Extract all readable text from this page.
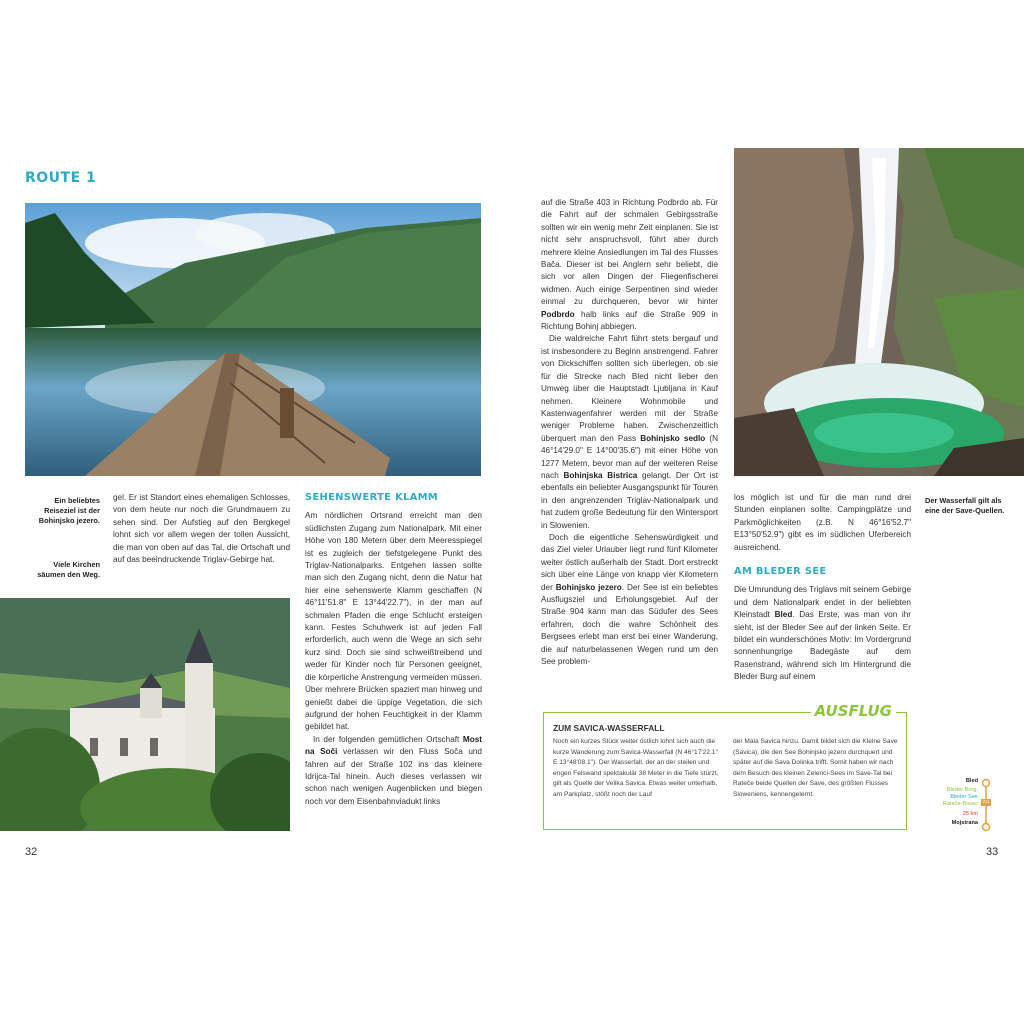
ROUTE 1
Ein beliebtes Reiseziel ist der Bohinjsko jezero.
Viele Kirchen säumen den Weg.

gel. Er ist Standort eines ehemaligen Schlosses, von dem heute nur noch die Grundmauern zu sehen sind. Der Aufstieg auf den Bergkegel lohnt sich vor allem wegen der tollen Aussicht, die man von oben auf das Tal, die Ortschaft und auf das beeindruckende Triglav-Gebirge hat.

SEHENSWERTE KLAMM

Am nördlichen Ortsrand erreicht man den südlichsten Zugang zum Nationalpark. Mit einer Höhe von 180 Metern über dem Meeresspiegel ist es zugleich der tiefstgelegene Punkt des Triglav-Nationalparks. Entgehen lassen sollte man sich den Zugang nicht, denn die Natur hat hier eine sehenswerte Klamm geschaffen (N 46°11'51.8" E 13°44'22.7"), in der man auf schmalen Pfaden die enge Schlucht ersteigen kann. Festes Schuhwerk ist auf jeden Fall erforderlich, auch wenn die Wege an sich sehr kurz sind. Doch sie sind schweißtreibend und weder für Kinder noch für Personen geeignet, die körperliche Anstrengung vermeiden müssen. Über mehrere Brücken spaziert man hinweg und genießt dabei die üppige Vegetation, die sich aufgrund der hohen Feuchtigkeit in der Klamm gebildet hat.

In der folgenden gemütlichen Ortschaft Most na Soči verlassen wir den Fluss Soča und fahren auf der Straße 102 ins das kleinere Idrijca-Tal hinein. Auch dieses verlassen wir schon nach wenigen Augenblicken und biegen noch vor dem Eisenbahnviadukt links

32

auf die Straße 403 in Richtung Podbrdo ab. Für die Fahrt auf der schmalen Gebirgsstraße sollten wir ein wenig mehr Zeit einplanen. Sie ist nicht sehr anspruchsvoll, führt aber durch mehrere kleine Ansiedlungen im Tal des Flusses Bača. Dieser ist bei Anglern sehr beliebt, die sich vor allen Dingen der Fliegenfischerei widmen. Auch einige Serpentinen sind wieder einmal zu durchqueren, bevor wir hinter Podbrdo halb links auf die Straße 909 in Richtung Bohinj abbiegen.

Die waldreiche Fahrt führt stets bergauf und ist insbesondere zu Beginn anstrengend. Fahrer von Dickschiffen sollten sich überlegen, ob sie für die Strecke nach Bled nicht lieber den Umweg über die Hauptstadt Ljubljana in Kauf nehmen. Kleinere Wohnmobile und Kastenwagenfahrer werden mit der Straße weniger Probleme haben. Zwischenzeitlich überquert man den Pass Bohinjsko sedlo (N 46°14'29.0" E 14°00'35.6") mit einer Höhe von 1277 Metern, bevor man auf der weiteren Reise nach Bohinjska Bistrica gelangt. Der Ort ist ebenfalls ein beliebter Ausgangspunkt für Touren in den angrenzenden Triglav-Nationalpark und hat zudem große Bedeutung für den Wintersport in Slowenien.

Doch die eigentliche Sehenswürdigkeit und das Ziel vieler Urlauber liegt rund fünf Kilometer weiter östlich außerhalb der Stadt. Dort erstreckt sich über eine Länge von knapp vier Kilometern der Bohinjsko jezero. Der See ist ein beliebtes Ausflugsziel und Erholungsgebiet. Auf der Straße 904 kann man das Südufer des Sees erfahren, doch die wahre Schönheit des Bergsees erlebt man erst bei einer Wanderung, die auf naturbelassenen Wegen rund um den See problem-

Der Wasserfall gilt als eine der Save-Quellen.

los möglich ist und für die man rund drei Stunden einplanen sollte. Campingplätze und Parkmöglichkeiten (z.B. N 46°16'52.7" E13°50'52.9") gibt es im südlichen Uferbereich ausreichend.

AM BLEDER SEE

Die Umrundung des Triglavs mit seinem Gebirge und dem Nationalpark endet in der beliebten Kleinstadt Bled. Das Erste, was man von ihr sieht, ist der Bleder See auf der linken Seite. Er bildet ein wunderschönes Motiv: Im Vordergrund sonnenhungrige Badegäste auf dem Rasenstrand, während sich im Hintergrund die Bleder Burg auf einem

AUSFLUG
ZUM SAVICA-WASSERFALL
Noch ein kurzes Stück weiter östlich lohnt sich auch die kurze Wanderung zum Savica-Wasserfall (N 46°17'22.1" E 13°48'08.1"). Der Wasserfall, der an der steilen und engen Felswand spektakulär 38 Meter in die Tiefe stürzt, gilt als Quelle der Velika Savica. Etwas weiter unterhalb, am Parkplatz, stößt noch der Lauf
der Mala Savica hinzu. Damit bildet sich die Kleine Save (Savica), die den See Bohinjsko jezero durchquert und später auf die Sava Dolinka trifft. Somit haben wir nach dem Besuch des kleinen Zelenci-Sees im Save-Tal bei Rateče beide Quellen der Save, des größten Flusses Sloweniens, kennengelernt.
Bled
Bleder Burg,
Bleder See
Rateče-Bovec
25 km
Mojstrana
211
33
